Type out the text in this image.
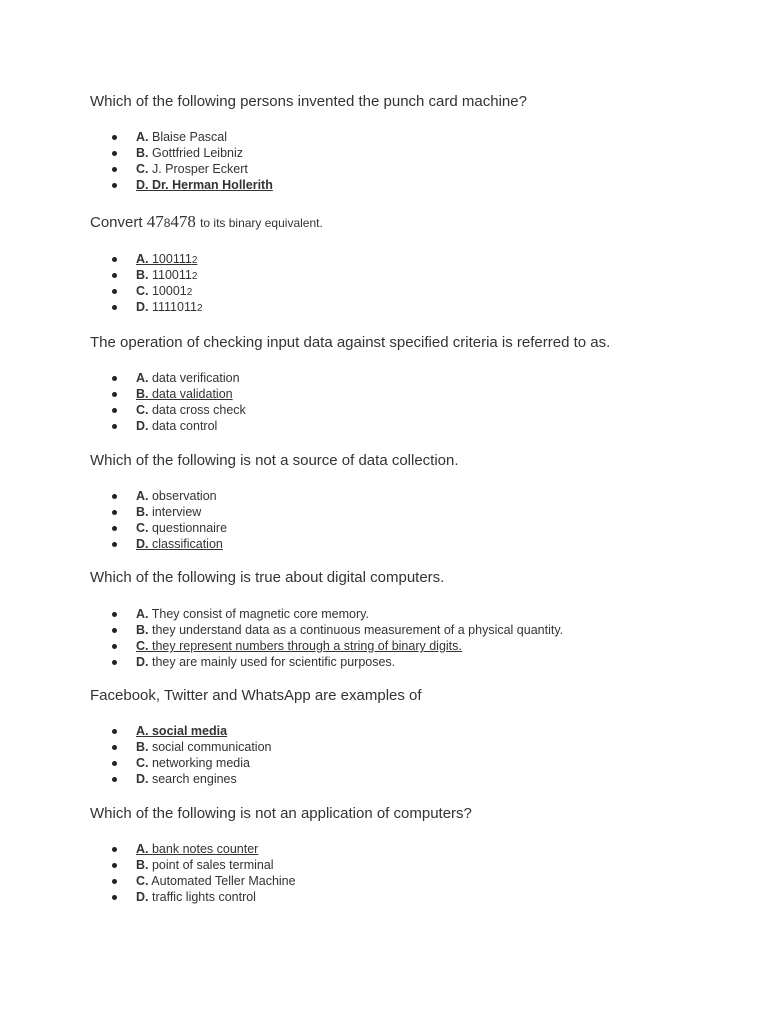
Which of the following persons invented the punch card machine?

A. Blaise Pascal
B. Gottfried Leibniz
C. J. Prosper Eckert
D. Dr. Herman Hollerith

Convert 478478 to its binary equivalent.

A. 1001112
B. 1100112
C. 100012
D. 11110112

The operation of checking input data against specified criteria is referred to as.

A. data verification
B. data validation
C. data cross check
D. data control

Which of the following is not a source of data collection.

A. observation
B. interview
C. questionnaire
D. classification

Which of the following is true about digital computers.

A. They consist of magnetic core memory.
B. they understand data as a continuous measurement of a physical quantity.
C. they represent numbers through a string of binary digits.
D. they are mainly used for scientific purposes.

Facebook, Twitter and WhatsApp are examples of

A. social media
B. social communication
C. networking media
D. search engines

Which of the following is not an application of computers?

A. bank notes counter
B. point of sales terminal
C. Automated Teller Machine
D. traffic lights control
